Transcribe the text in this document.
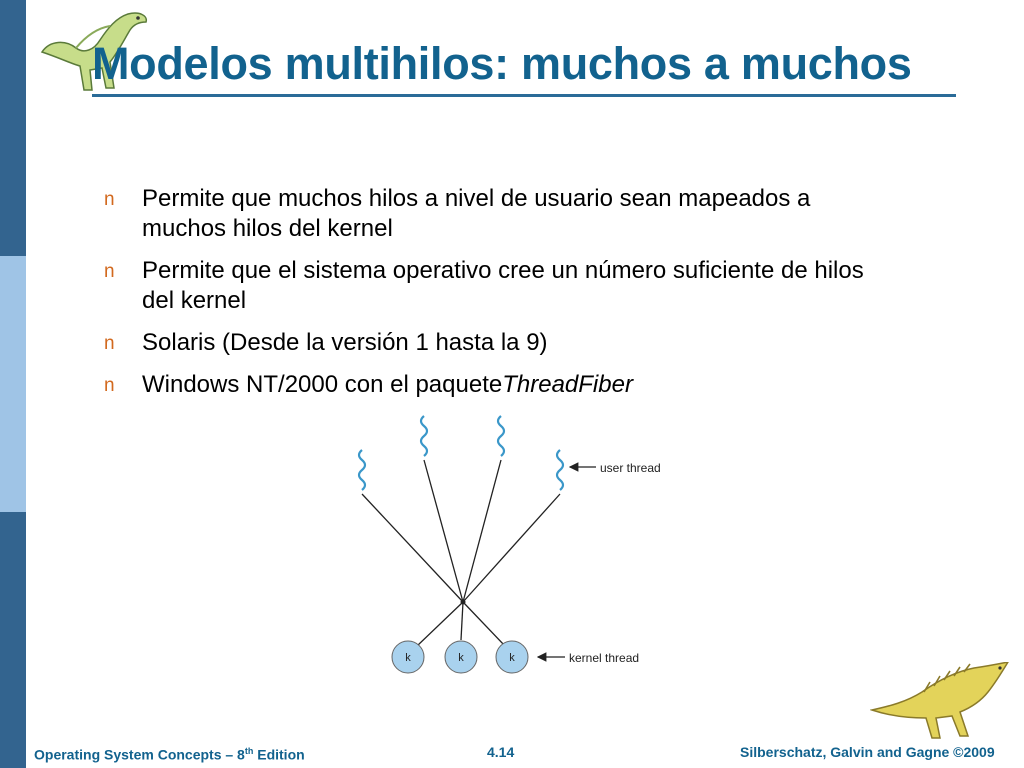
Modelos multihilos: muchos a muchos
n Permite que muchos hilos a nivel de usuario sean mapeados a muchos hilos del kernel
n Permite que el sistema operativo cree un número suficiente de hilos del kernel
n Solaris (Desde la versión 1 hasta la 9)
n Windows NT/2000 con el paqueteThreadFiber
k	k	k
user thread
kernel thread
Operating System Concepts – 8th Edition	4.14	Silberschatz, Galvin and Gagne ©2009
